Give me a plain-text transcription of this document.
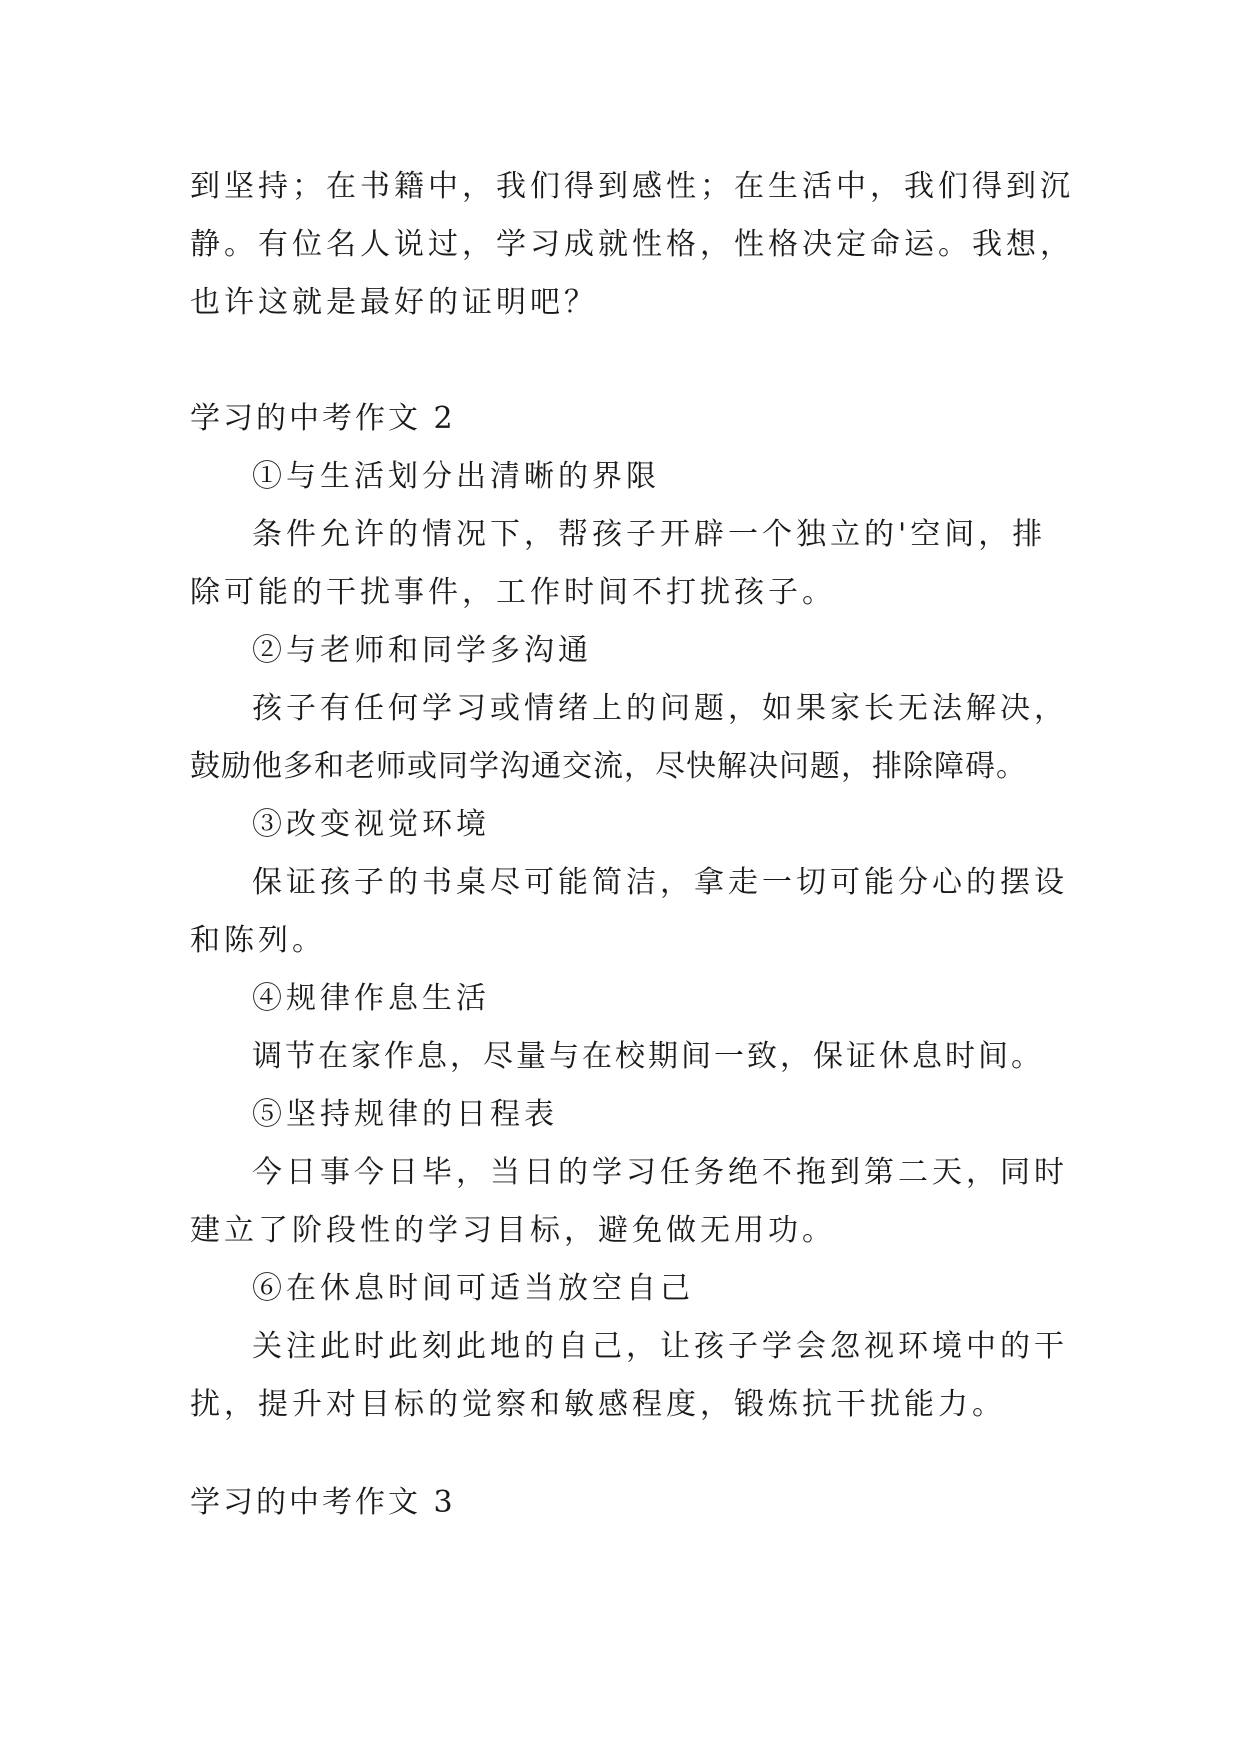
到坚持；在书籍中，我们得到感性；在生活中，我们得到沉
静。有位名人说过，学习成就性格，性格决定命运。我想，
也许这就是最好的证明吧？
学习的中考作文 2
①与生活划分出清晰的界限
条件允许的情况下，帮孩子开辟一个独立的'空间，排
除可能的干扰事件，工作时间不打扰孩子。
②与老师和同学多沟通
孩子有任何学习或情绪上的问题，如果家长无法解决，
鼓励他多和老师或同学沟通交流，尽快解决问题，排除障碍。
③改变视觉环境
保证孩子的书桌尽可能简洁，拿走一切可能分心的摆设
和陈列。
④规律作息生活
调节在家作息，尽量与在校期间一致，保证休息时间。
⑤坚持规律的日程表
今日事今日毕，当日的学习任务绝不拖到第二天，同时
建立了阶段性的学习目标，避免做无用功。
⑥在休息时间可适当放空自己
关注此时此刻此地的自己，让孩子学会忽视环境中的干
扰，提升对目标的觉察和敏感程度，锻炼抗干扰能力。
学习的中考作文 3
